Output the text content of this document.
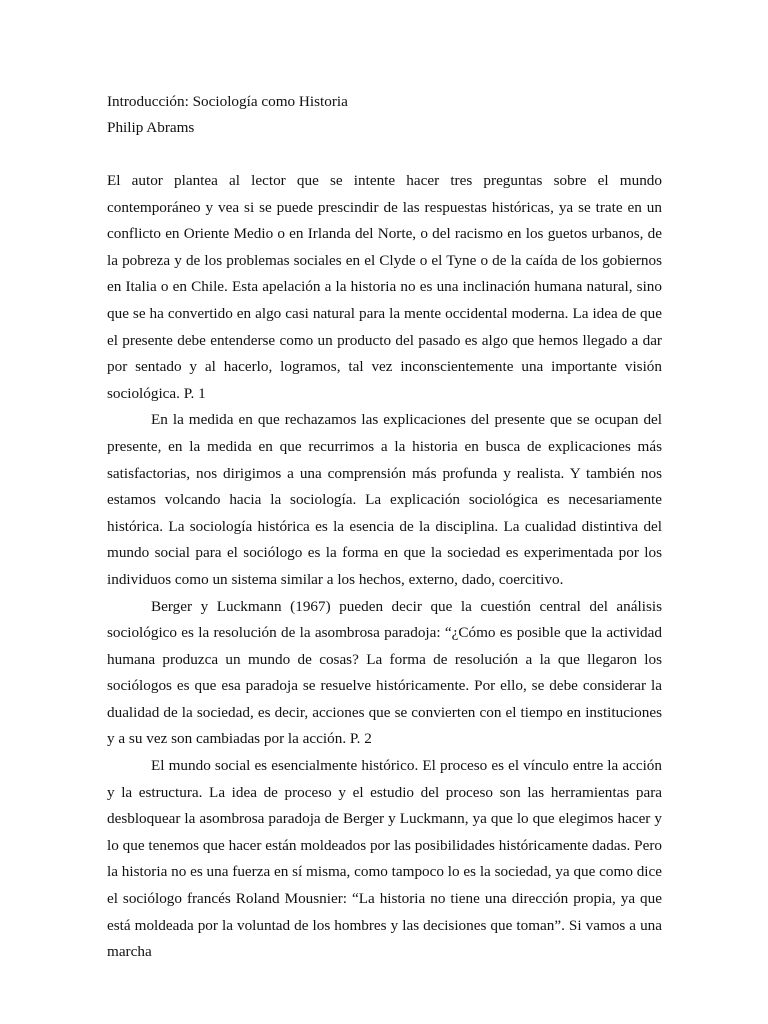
Introducción: Sociología como Historia
Philip Abrams

El autor plantea al lector que se intente hacer tres preguntas sobre el mundo contemporáneo y vea si se puede prescindir de las respuestas históricas, ya se trate en un conflicto en Oriente Medio o en Irlanda del Norte, o del racismo en los guetos urbanos, de la pobreza y de los problemas sociales en el Clyde o el Tyne o de la caída de los gobiernos en Italia o en Chile. Esta apelación a la historia no es una inclinación humana natural, sino que se ha convertido en algo casi natural para la mente occidental moderna. La idea de que el presente debe entenderse como un producto del pasado es algo que hemos llegado a dar por sentado y al hacerlo, logramos, tal vez inconscientemente una importante visión sociológica. P. 1

En la medida en que rechazamos las explicaciones del presente que se ocupan del presente, en la medida en que recurrimos a la historia en busca de explicaciones más satisfactorias, nos dirigimos a una comprensión más profunda y realista. Y también nos estamos volcando hacia la sociología. La explicación sociológica es necesariamente histórica. La sociología histórica es la esencia de la disciplina. La cualidad distintiva del mundo social para el sociólogo es la forma en que la sociedad es experimentada por los individuos como un sistema similar a los hechos, externo, dado, coercitivo.

Berger y Luckmann (1967) pueden decir que la cuestión central del análisis sociológico es la resolución de la asombrosa paradoja: “¿Cómo es posible que la actividad humana produzca un mundo de cosas? La forma de resolución a la que llegaron los sociólogos es que esa paradoja se resuelve históricamente. Por ello, se debe considerar la dualidad de la sociedad, es decir, acciones que se convierten con el tiempo en instituciones y a su vez son cambiadas por la acción. P. 2

El mundo social es esencialmente histórico. El proceso es el vínculo entre la acción y la estructura. La idea de proceso y el estudio del proceso son las herramientas para desbloquear la asombrosa paradoja de Berger y Luckmann, ya que lo que elegimos hacer y lo que tenemos que hacer están moldeados por las posibilidades históricamente dadas. Pero la historia no es una fuerza en sí misma, como tampoco lo es la sociedad, ya que como dice el sociólogo francés Roland Mousnier: “La historia no tiene una dirección propia, ya que está moldeada por la voluntad de los hombres y las decisiones que toman”. Si vamos a una marcha
